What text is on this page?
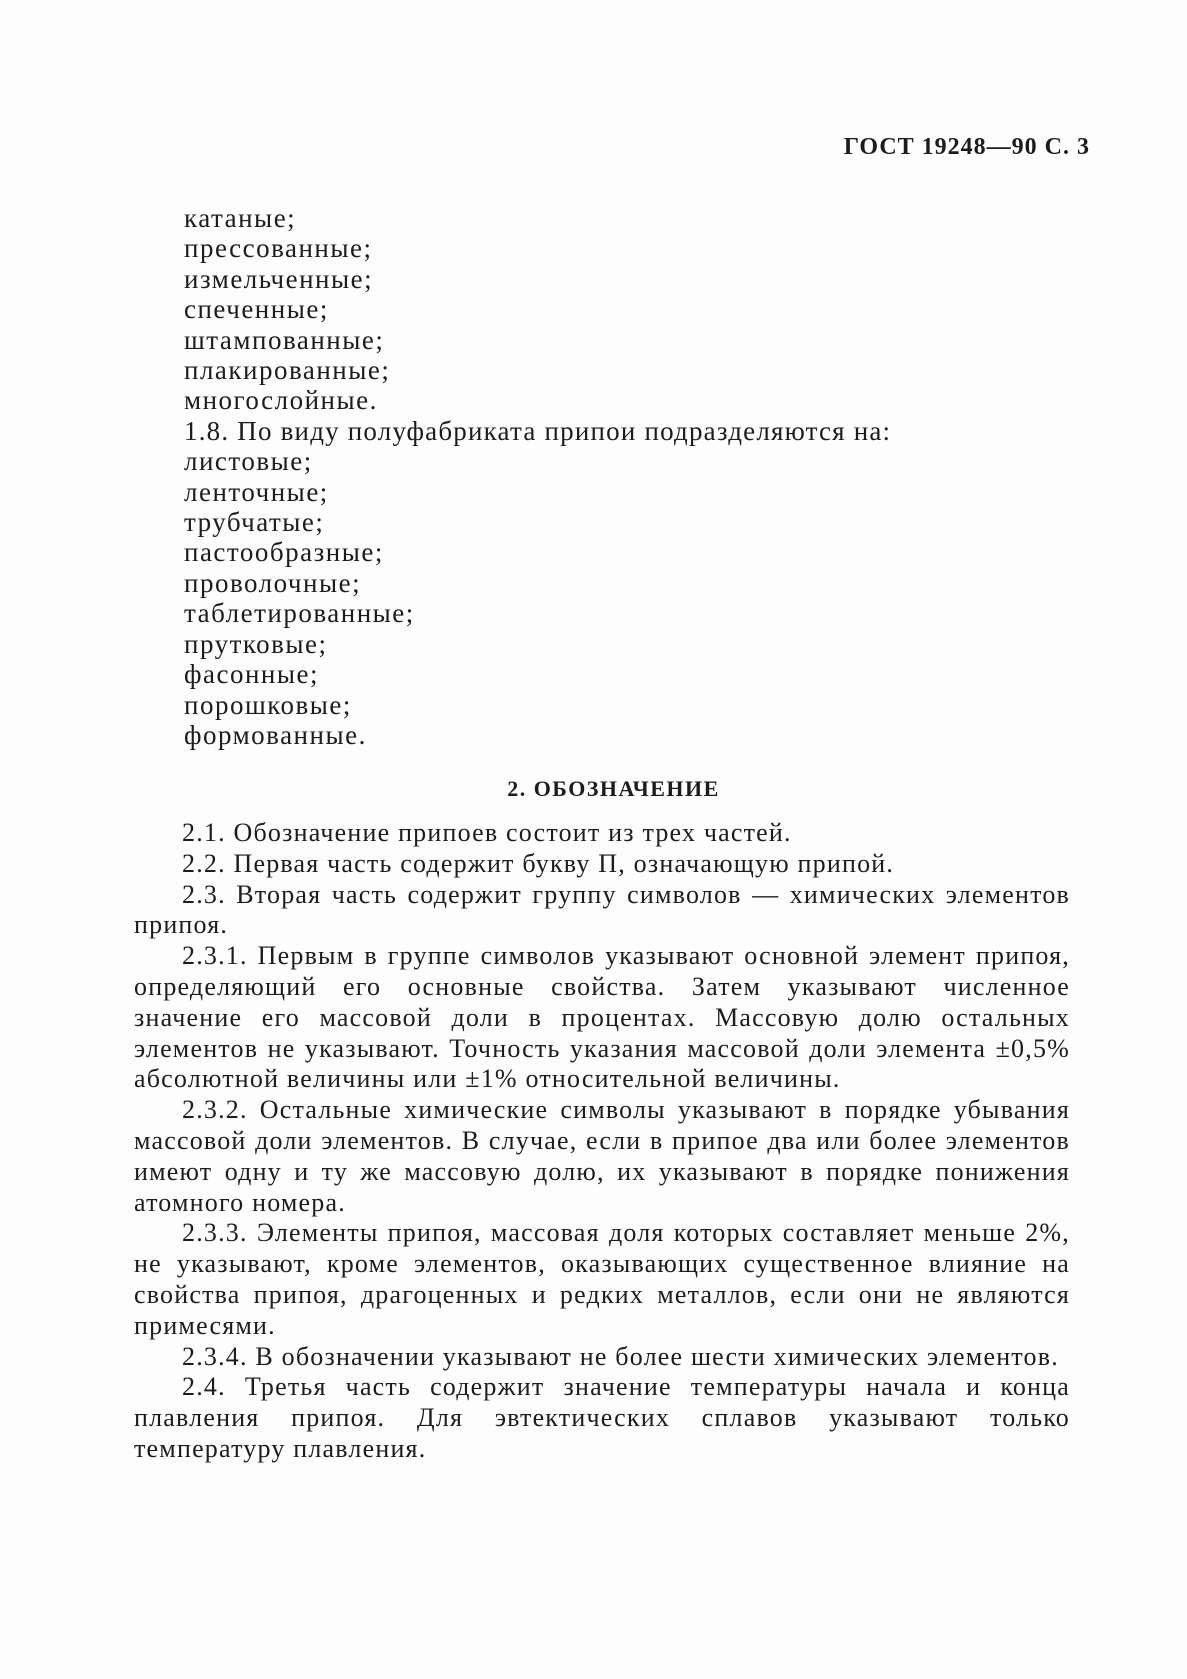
ГОСТ 19248—90 С. 3
катаные;
прессованные;
измельченные;
спеченные;
штампованные;
плакированные;
многослойные.
1.8. По виду полуфабриката припои подразделяются на:
листовые;
ленточные;
трубчатые;
пастообразные;
проволочные;
таблетированные;
прутковые;
фасонные;
порошковые;
формованные.
2. ОБОЗНАЧЕНИЕ

2.1. Обозначение припоев состоит из трех частей.

2.2. Первая часть содержит букву П, означающую припой.

2.3. Вторая часть содержит группу символов — химических элементов припоя.

2.3.1. Первым в группе символов указывают основной элемент припоя, определяющий его основные свойства. Затем указывают численное значение его массовой доли в процентах. Массовую долю остальных элементов не указывают. Точность указания массовой доли элемента ±0,5% абсолютной величины или ±1% относительной величины.

2.3.2. Остальные химические символы указывают в порядке убывания массовой доли элементов. В случае, если в припое два или более элементов имеют одну и ту же массовую долю, их указывают в порядке понижения атомного номера.

2.3.3. Элементы припоя, массовая доля которых составляет меньше 2%, не указывают, кроме элементов, оказывающих существенное влияние на свойства припоя, драгоценных и редких металлов, если они не являются примесями.

2.3.4. В обозначении указывают не более шести химических элементов.

2.4. Третья часть содержит значение температуры начала и конца плавления припоя. Для эвтектических сплавов указывают только температуру плавления.
